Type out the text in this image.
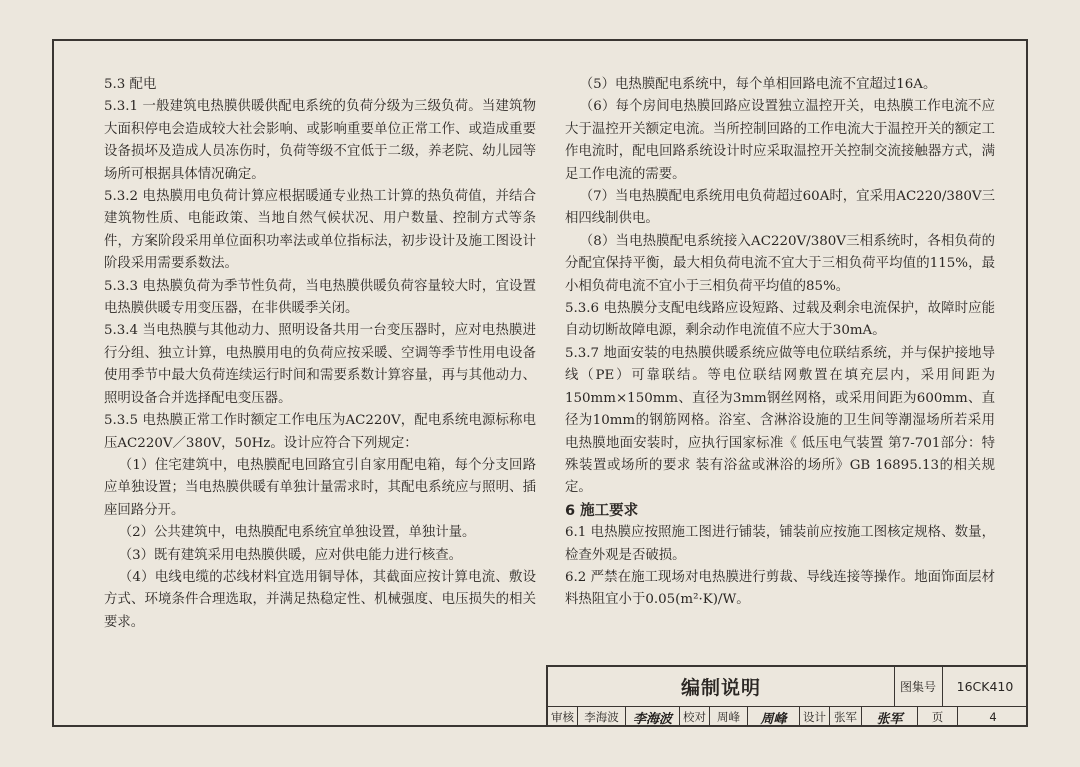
5.3 配电

5.3.1 一般建筑电热膜供暖供配电系统的负荷分级为三级负荷。当建筑物大面积停电会造成较大社会影响、或影响重要单位正常工作、或造成重要设备损坏及造成人员冻伤时，负荷等级不宜低于二级，养老院、幼儿园等场所可根据具体情况确定。

5.3.2 电热膜用电负荷计算应根据暖通专业热工计算的热负荷值，并结合建筑物性质、电能政策、当地自然气候状况、用户数量、控制方式等条件，方案阶段采用单位面积功率法或单位指标法，初步设计及施工图设计阶段采用需要系数法。

5.3.3 电热膜负荷为季节性负荷，当电热膜供暖负荷容量较大时，宜设置电热膜供暖专用变压器，在非供暖季关闭。

5.3.4 当电热膜与其他动力、照明设备共用一台变压器时，应对电热膜进行分组、独立计算，电热膜用电的负荷应按采暖、空调等季节性用电设备使用季节中最大负荷连续运行时间和需要系数计算容量，再与其他动力、照明设备合并选择配电变压器。

5.3.5 电热膜正常工作时额定工作电压为AC220V，配电系统电源标称电压AC220V／380V，50Hz。设计应符合下列规定：

（1）住宅建筑中，电热膜配电回路宜引自家用配电箱，每个分支回路应单独设置；当电热膜供暖有单独计量需求时，其配电系统应与照明、插座回路分开。

（2）公共建筑中，电热膜配电系统宜单独设置，单独计量。

（3）既有建筑采用电热膜供暖，应对供电能力进行核查。

（4）电线电缆的芯线材料宜选用铜导体，其截面应按计算电流、敷设方式、环境条件合理选取，并满足热稳定性、机械强度、电压损失的相关要求。

（5）电热膜配电系统中，每个单相回路电流不宜超过16A。

（6）每个房间电热膜回路应设置独立温控开关，电热膜工作电流不应大于温控开关额定电流。当所控制回路的工作电流大于温控开关的额定工作电流时，配电回路系统设计时应采取温控开关控制交流接触器方式，满足工作电流的需要。

（7）当电热膜配电系统用电负荷超过60A时，宜采用AC220/380V三相四线制供电。

（8）当电热膜配电系统接入AC220V/380V三相系统时，各相负荷的分配宜保持平衡，最大相负荷电流不宜大于三相负荷平均值的115%，最小相负荷电流不宜小于三相负荷平均值的85%。

5.3.6 电热膜分支配电线路应设短路、过载及剩余电流保护，故障时应能自动切断故障电源，剩余动作电流值不应大于30mA。

5.3.7 地面安装的电热膜供暖系统应做等电位联结系统，并与保护接地导线（PE）可靠联结。等电位联结网敷置在填充层内，采用间距为150mm×150mm、直径为3mm钢丝网格，或采用间距为600mm、直径为10mm的钢筋网格。浴室、含淋浴设施的卫生间等潮湿场所若采用电热膜地面安装时，应执行国家标准《 低压电气装置 第7-701部分：特殊装置或场所的要求 装有浴盆或淋浴的场所》GB 16895.13的相关规定。

6 施工要求

6.1 电热膜应按照施工图进行铺装，铺装前应按施工图核定规格、数量，检查外观是否破损。

6.2 严禁在施工现场对电热膜进行剪裁、导线连接等操作。地面饰面层材料热阻宜小于0.05(m²·K)/W。

编制说明	图集号	16CK410
审核 李海波	李海波 校对 周峰	周峰	设计 张军	张军	页	4
